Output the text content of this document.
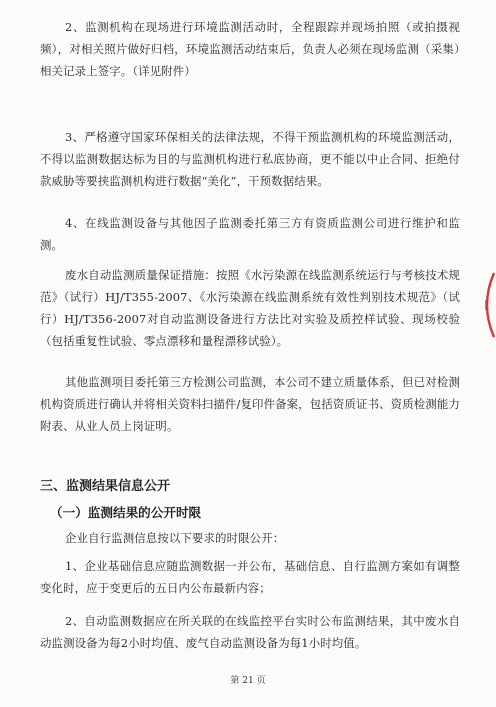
2、监测机构在现场进行环境监测活动时，全程跟踪并现场拍照（或拍摄视频），对相关照片做好归档，环境监测活动结束后，负责人必须在现场监测（采集）相关记录上签字。（详见附件）

3、严格遵守国家环保相关的法律法规，不得干预监测机构的环境监测活动，不得以监测数据达标为目的与监测机构进行私底协商，更不能以中止合同、拒绝付款威胁等要挟监测机构进行数据“美化”，干预数据结果。

4、在线监测设备与其他因子监测委托第三方有资质监测公司进行维护和监测。

废水自动监测质量保证措施：按照《水污染源在线监测系统运行与考核技术规范》（试行）HJ/T355-2007、《水污染源在线监测系统有效性判别技术规范》（试行）HJ/T356-2007对自动监测设备进行方法比对实验及质控样试验、现场校验（包括重复性试验、零点漂移和量程漂移试验）。

其他监测项目委托第三方检测公司监测，本公司不建立质量体系，但已对检测机构资质进行确认并将相关资料扫描件/复印件备案，包括资质证书、资质检测能力附表、从业人员上岗证明。

三、监测结果信息公开
（一）监测结果的公开时限

企业自行监测信息按以下要求的时限公开：

1、企业基础信息应随监测数据一并公布，基础信息、自行监测方案如有调整变化时，应于变更后的五日内公布最新内容；

2、自动监测数据应在所关联的在线监控平台实时公布监测结果，其中废水自动监测设备为每2小时均值、废气自动监测设备为每1小时均值。

第 21 页
